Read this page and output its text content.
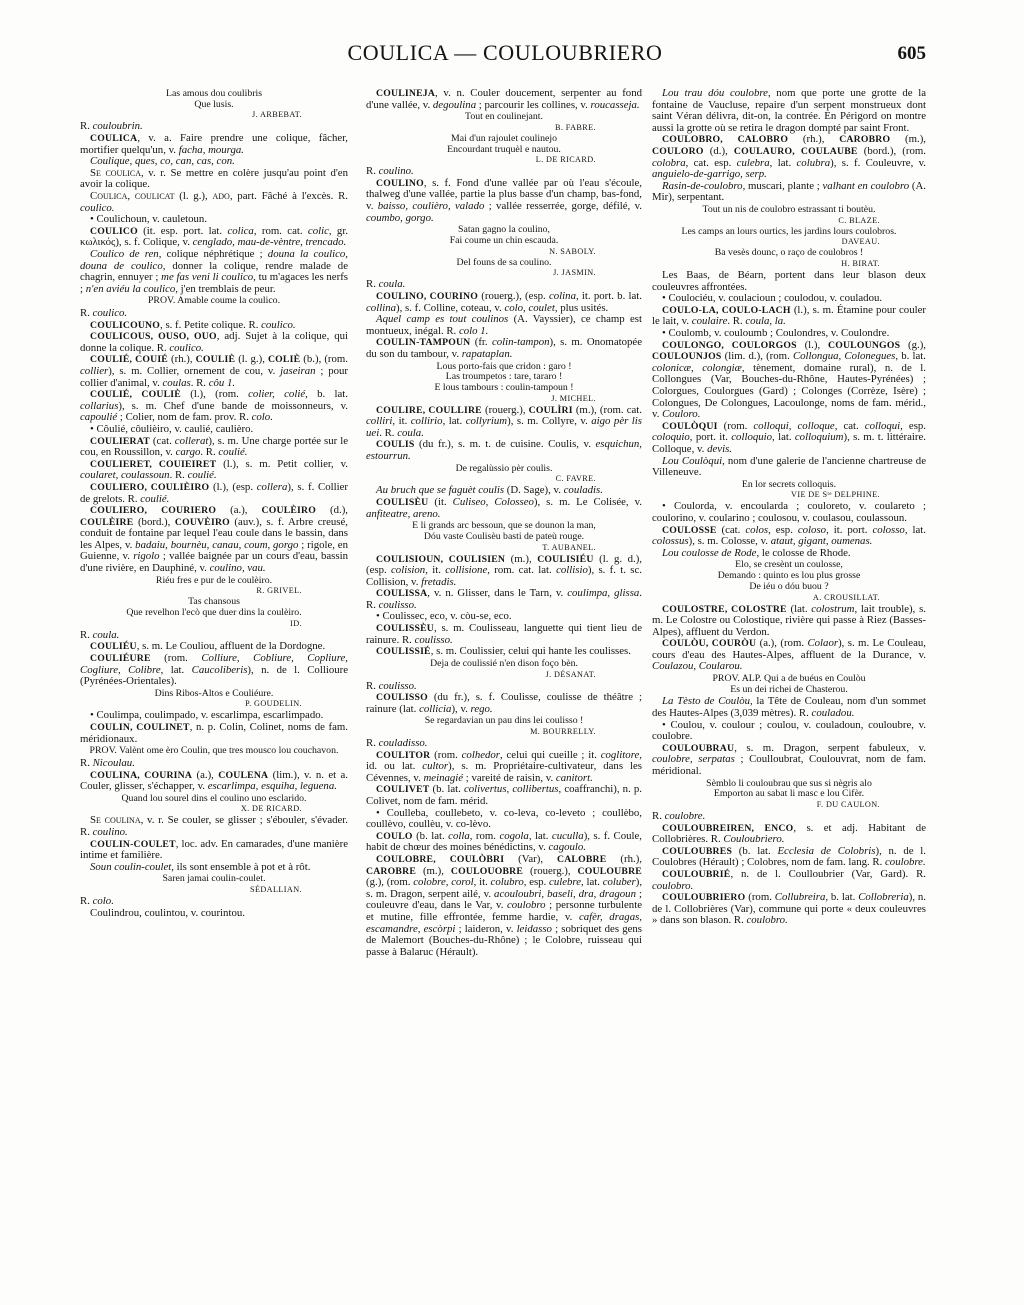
COULICA — COULOUBRIERO	605
Las amous dou coulibris
Que lusis.
J. ARBEBAT.

R. couloubrin.

COULICA, v. a. Faire prendre une colique, fâcher, mortifier quelqu'un, v. facha, mourga.

Coulique, ques, co, can, cas, con.

Se coulica, v. r. Se mettre en colère jusqu'au point d'en avoir la colique.

Coulica, coulicat (l. g.), ado, part. Fâché à l'excès. R. coulico.

• Coulichoun, v. cauletoun.

COULICO (it. esp. port. lat. colica, rom. cat. colic, gr. κωλικός), s. f. Colique, v. cenglado, mau-de-vèntre, trencado.

Coulico de ren, colique néphrétique ; douna la coulico, douna de coulico, donner la colique, rendre malade de chagrin, ennuyer ; me fas veni li coulico, tu m'agaces les nerfs ; n'en aviéu la coulico, j'en tremblais de peur.

PROV. Amable coume la coulico.

R. coulico.

COULICOUNO, s. f. Petite colique. R. coulico.

COULICOUS, OUSO, OUO, adj. Sujet à la colique, qui donne la colique. R. coulico.

COULIÉ, COUIÉ (rh.), COULIÈ (l. g.), COLIÈ (b.), (rom. collier), s. m. Collier, ornement de cou, v. jaseiran ; pour collier d'animal, v. coulas. R. côu 1.

COULIÉ, COULIÈ (l.), (rom. colier, colié, b. lat. collarius), s. m. Chef d'une bande de moissonneurs, v. capoulié ; Colier, nom de fam. prov. R. colo.

• Côulié, côulièiro, v. caulié, caulièro.

COULIERAT (cat. collerat), s. m. Une charge portée sur le cou, en Roussillon, v. cargo. R. coulié.

COULIERET, COUIEIRET (l.), s. m. Petit collier, v. coularet, coulassoun. R. coulié.

COULIERO, COULIÈIRO (l.), (esp. collera), s. f. Collier de grelots. R. coulié.

COULIERO, COURIERO (a.), COULÈIRO (d.), COULÈIRE (bord.), COUVÈIRO (auv.), s. f. Arbre creusé, conduit de fontaine par lequel l'eau coule dans le bassin, dans les Alpes, v. badaiu, bournèu, canau, coum, gorgo ; rigole, en Guienne, v. rigolo ; vallée baignée par un cours d'eau, bassin d'une rivière, en Dauphiné, v. coulino, vau.

Riéu fres e pur de le coulèiro.
R. GRIVEL.
Tas chansous
Que revelhon l'ecò que duer dins la coulèiro.
ID.

R. coula.

COULIÉU, s. m. Le Couliou, affluent de la Dordogne.

COULIÉURE (rom. Colliure, Cobliure, Copliure, Cogliure, Colibre, lat. Caucoliberis), n. de l. Collioure (Pyrénées-Orientales).

Dins Ribos-Altos e Couliéure.
P. GOUDELIN.

• Coulimpa, coulimpado, v. escarlimpa, escarlimpado.

COULIN, COULINET, n. p. Colin, Colinet, noms de fam. méridionaux.

PROV. Valènt ome èro Coulin, que tres mousco lou couchavon.

R. Nicoulau.

COULINA, COURINA (a.), COULENA (lim.), v. n. et a. Couler, glisser, s'échapper, v. escarlimpa, esquiha, leguena.

Quand lou sourel dins el coulino uno esclarido.
X. DE RICARD.

Se coulina, v. r. Se couler, se glisser ; s'ébouler, s'évader. R. coulino.

COULIN-COULET, loc. adv. En camarades, d'une manière intime et familière.

Soun coulin-coulet, ils sont ensemble à pot et à rôt.

Saren jamai coulin-coulet.
SÉDALLIAN.

R. colo.

Coulindrou, coulintou, v. courintou.

COULINEJA, v. n. Couler doucement, serpenter au fond d'une vallée, v. degoulina ; parcourir les collines, v. roucasseja.

Tout en coulinejant.
B. FABRE.
Mai d'un rajoulet coulinejo
Encourdant truquèl e nautou.
L. DE RICARD.

R. coulino.

COULINO, s. f. Fond d'une vallée par où l'eau s'écoule, thalweg d'une vallée, partie la plus basse d'un champ, bas-fond, v. baisso, coulièro, valado ; vallée resserrée, gorge, défilé, v. coumbo, gorgo.

Satan gagno la coulino,
Fai coume un chin escauda.
N. SABOLY.
Del founs de sa coulino.
J. JASMIN.

R. coula.

COULINO, COURINO (rouerg.), (esp. colina, it. port. b. lat. collina), s. f. Colline, coteau, v. colo, coulet, plus usités.

Aquel camp es tout coulinos (A. Vayssier), ce champ est montueux, inégal. R. colo 1.

COULIN-TAMPOUN (fr. colin-tampon), s. m. Onomatopée du son du tambour, v. rapataplan.

Lous porto-fais que cridon : garo !
Las troumpetos : tare, tararo !
E lous tambours : coulin-tampoun !
J. MICHEL.

COULIRE, COULLIRE (rouerg.), COULÌRI (m.), (rom. cat. colliri, it. collirio, lat. collyrium), s. m. Collyre, v. aigo pèr lis uei. R. coula.

COULIS (du fr.), s. m. t. de cuisine. Coulis, v. esquichun, estourrun.

De regalùssio pèr coulis.
C. FAVRE.

Au bruch que se faguèt coulis (D. Sage), v. couladis.

COULISÈU (it. Culiseo, Colosseo), s. m. Le Colisée, v. anfiteatre, areno.

E li grands arc bessoun, que se dounon la man,
Dóu vaste Coulisèu basti de pateù rouge.
T. AUBANEL.

COULISIOUN, COULISIEN (m.), COULISIÉU (l. g. d.), (esp. colision, it. collisione, rom. cat. lat. collisio), s. f. t. sc. Collision, v. fretadis.

COULISSA, v. n. Glisser, dans le Tarn, v. coulimpa, glissa. R. coulisso.

• Coulissec, eco, v. còu-se, eco.

COULISSÈU, s. m. Coulisseau, languette qui tient lieu de rainure. R. coulisso.

COULISSIÉ, s. m. Coulissier, celui qui hante les coulisses.

Deja de coulissié n'en dison foço bèn.
J. DÉSANAT.

R. coulisso.

COULISSO (du fr.), s. f. Coulisse, coulisse de théâtre ; rainure (lat. collicia), v. rego.

Se regardavian un pau dins lei coulisso !
M. BOURRELLY.

R. couladisso.

COULITOR (rom. colhedor, celui qui cueille ; it. coglitore, id. ou lat. cultor), s. m. Propriétaire-cultivateur, dans les Cévennes, v. meinagié ; vareité de raisin, v. canitort.

COULIVET (b. lat. colivertus, collibertus, coaffranchi), n. p. Colivet, nom de fam. mérid.

• Coulleba, coullebeto, v. co-leva, co-leveto ; coullèbo, coullèvo, coullèu, v. co-lèvo.

COULO (b. lat. colla, rom. cogola, lat. cuculla), s. f. Coule, habit de chœur des moines bénédictins, v. cagoulo.

COULOBRE, COULÒBRI (Var), CALOBRE (rh.), CAROBRE (m.), COULOUOBRE (rouerg.), COULOUBRE (g.), (rom. colobre, corol, it. colubro, esp. culebre, lat. coluber), s. m. Dragon, serpent ailé, v. acouloubri, baseli, dra, dragoun ; couleuvre d'eau, dans le Var, v. coulobro ; personne turbulente et mutine, fille effrontée, femme hardie, v. cafèr, dragas, escamandre, escòrpi ; laideron, v. leidasso ; sobriquet des gens de Malemort (Bouches-du-Rhône) ; le Colobre, ruisseau qui passe à Balaruc (Hérault).

Lou trau dóu coulobre, nom que porte une grotte de la fontaine de Vaucluse, repaire d'un serpent monstrueux dont saint Véran délivra, dit-on, la contrée. En Périgord on montre aussi la grotte où se retira le dragon dompté par saint Front.

COULOBRO, CALOBRO (rh.), CAROBRO (m.), COULORO (d.), COULAURO, COULAUBE (bord.), (rom. colobra, cat. esp. culebra, lat. colubra), s. f. Couleuvre, v. anguielo-de-garrigo, serp.

Rasin-de-coulobro, muscari, plante ; valhant en coulobro (A. Mir), serpentant.

Tout un nis de coulobro estrassant ti boutèu.
C. BLAZE.
Les camps an lours ourtics, les jardins lours coulobros.
DAVEAU.
Ba vesès dounc, o raço de coulobros !
H. BIRAT.

Les Baas, de Béarn, portent dans leur blason deux couleuvres affrontées.

• Coulociéu, v. coulacioun ; coulodou, v. couladou.

COULO-LA, COULO-LACH (l.), s. m. Étamine pour couler le lait, v. coulaire. R. coula, la.

• Coulomb, v. couloumb ; Coulondres, v. Coulondre.

COULONGO, COULORGOS (l.), COULOUNGOS (g.), COULOUNJOS (lim. d.), (rom. Collongua, Colonegues, b. lat. colonicæ, colongiæ, tènement, domaine rural), n. de l. Collongues (Var, Bouches-du-Rhône, Hautes-Pyrénées) ; Colorgues, Coulorgues (Gard) ; Colonges (Corrèze, Isère) ; Colongues, De Colongues, Lacoulonge, noms de fam. mérid., v. Couloro.

COULÒQUI (rom. colloqui, colloque, cat. colloqui, esp. coloquio, port. it. colloquio, lat. colloquium), s. m. t. littéraire. Colloque, v. devis.

Lou Coulòqui, nom d'une galerie de l'ancienne chartreuse de Villeneuve.

En lor secrets colloquis.
VIE DE Sᵗᵉ DELPHINE.

• Coulorda, v. encoularda ; couloreto, v. coulareto ; coulorino, v. coularino ; coulosou, v. coulasou, coulassoun.

COULOSSE (cat. colos, esp. coloso, it. port. colosso, lat. colossus), s. m. Colosse, v. ataut, gigant, oumenas.

Lou coulosse de Rode, le colosse de Rhode.

Elo, se cresènt un coulosse,
Demando : quinto es lou plus grosse
De iéu o dóu buou ?
A. CROUSILLAT.

COULOSTRE, COLOSTRE (lat. colostrum, lait trouble), s. m. Le Colostre ou Colostique, rivière qui passe à Riez (Basses-Alpes), affluent du Verdon.

COULÒU, COURÒU (a.), (rom. Colaor), s. m. Le Couleau, cours d'eau des Hautes-Alpes, affluent de la Durance, v. Coulazou, Coularou.

PROV. ALP. Qui a de buéus en Coulòu
Es un dei richei de Chasterou.

La Tèsto de Coulòu, la Tête de Couleau, nom d'un sommet des Hautes-Alpes (3,039 mètres). R. couladou.

• Coulou, v. coulour ; coulou, v. couladoun, couloubre, v. coulobre.

COULOUBRAU, s. m. Dragon, serpent fabuleux, v. coulobre, serpatas ; Coulloubrat, Coulouvrat, nom de fam. méridional.

Sèmblo li couloubrau que sus si nègris alo
Emporton au sabat li masc e lou Cifèr.
F. DU CAULON.

R. coulobre.

COULOUBREIREN, ENCO, s. et adj. Habitant de Collobrières. R. Couloubrìero.

COULOUBRES (b. lat. Ecclesia de Colobris), n. de l. Coulobres (Hérault) ; Colobres, nom de fam. lang. R. coulobre.

COULOUBRIÉ, n. de l. Coulloubrier (Var, Gard). R. coulobro.

COULOUBRIERO (rom. Collubreira, b. lat. Collobreria), n. de l. Collobrières (Var), commune qui porte « deux couleuvres » dans son blason. R. coulobro.
